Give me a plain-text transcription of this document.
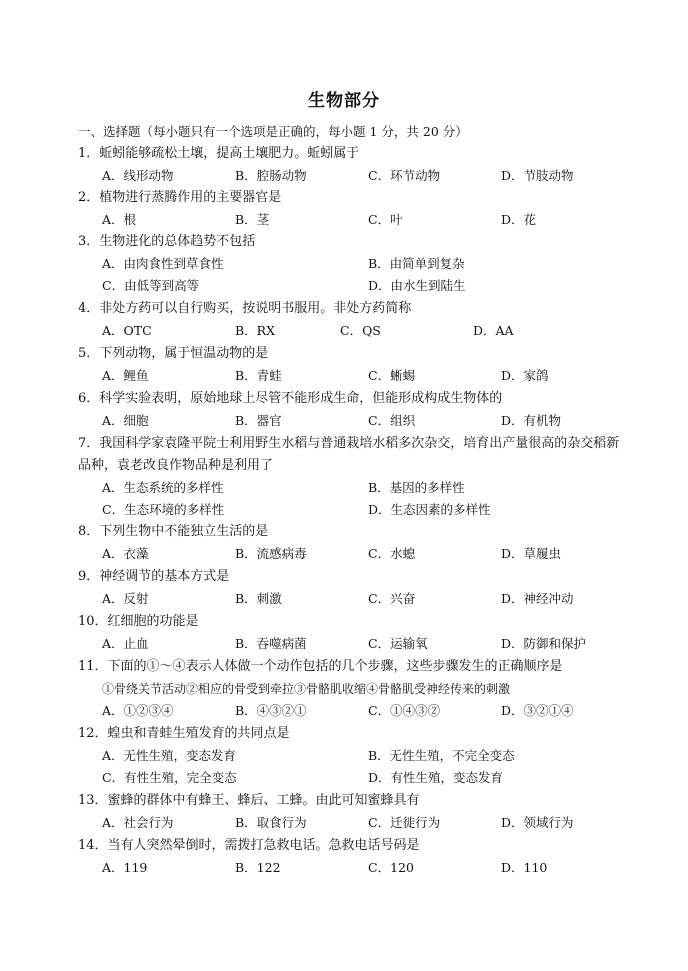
生物部分
一、选择题（每小题只有一个选项是正确的，每小题 1 分，共 20 分）
1．蚯蚓能够疏松土壤，提高土壤肥力。蚯蚓属于
A．线形动物	B．腔肠动物	C．环节动物	D．节肢动物
2．植物进行蒸腾作用的主要器官是
A．根	B．茎	C．叶	D．花
3．生物进化的总体趋势不包括
A．由肉食性到草食性	B．由简单到复杂
C．由低等到高等	D．由水生到陆生
4．非处方药可以自行购买，按说明书服用。非处方药简称
A．OTC	B．RX	C．QS	D．AA
5．下列动物，属于恒温动物的是
A．鲤鱼	B．青蛙	C．蜥蜴	D．家鸽
6．科学实验表明，原始地球上尽管不能形成生命，但能形成构成生物体的
A．细胞	B．器官	C．组织	D．有机物
7．我国科学家袁隆平院士利用野生水稻与普通栽培水稻多次杂交，培育出产量很高的杂交稻新品种，袁老改良作物品种是利用了
A．生态系统的多样性	B．基因的多样性
C．生态环境的多样性	D．生态因素的多样性
8．下列生物中不能独立生活的是
A．衣藻	B．流感病毒	C．水螅	D．草履虫
9．神经调节的基本方式是
A．反射	B．刺激	C．兴奋	D．神经冲动
10．红细胞的功能是
A．止血	B．吞噬病菌	C．运输氧	D．防御和保护
11．下面的①～④表示人体做一个动作包括的几个步骤，这些步骤发生的正确顺序是
①骨绕关节活动②相应的骨受到牵拉③骨骼肌收缩④骨骼肌受神经传来的刺激
A．①②③④	B．④③②①	C．①④③②	D．③②①④
12．蝗虫和青蛙生殖发育的共同点是
A．无性生殖，变态发育	B．无性生殖，不完全变态
C．有性生殖，完全变态	D．有性生殖，变态发育
13．蜜蜂的群体中有蜂王、蜂后、工蜂。由此可知蜜蜂具有
A．社会行为	B．取食行为	C．迁徙行为	D．领域行为
14．当有人突然晕倒时，需拨打急救电话。急救电话号码是
A．119	B．122	C．120	D．110
